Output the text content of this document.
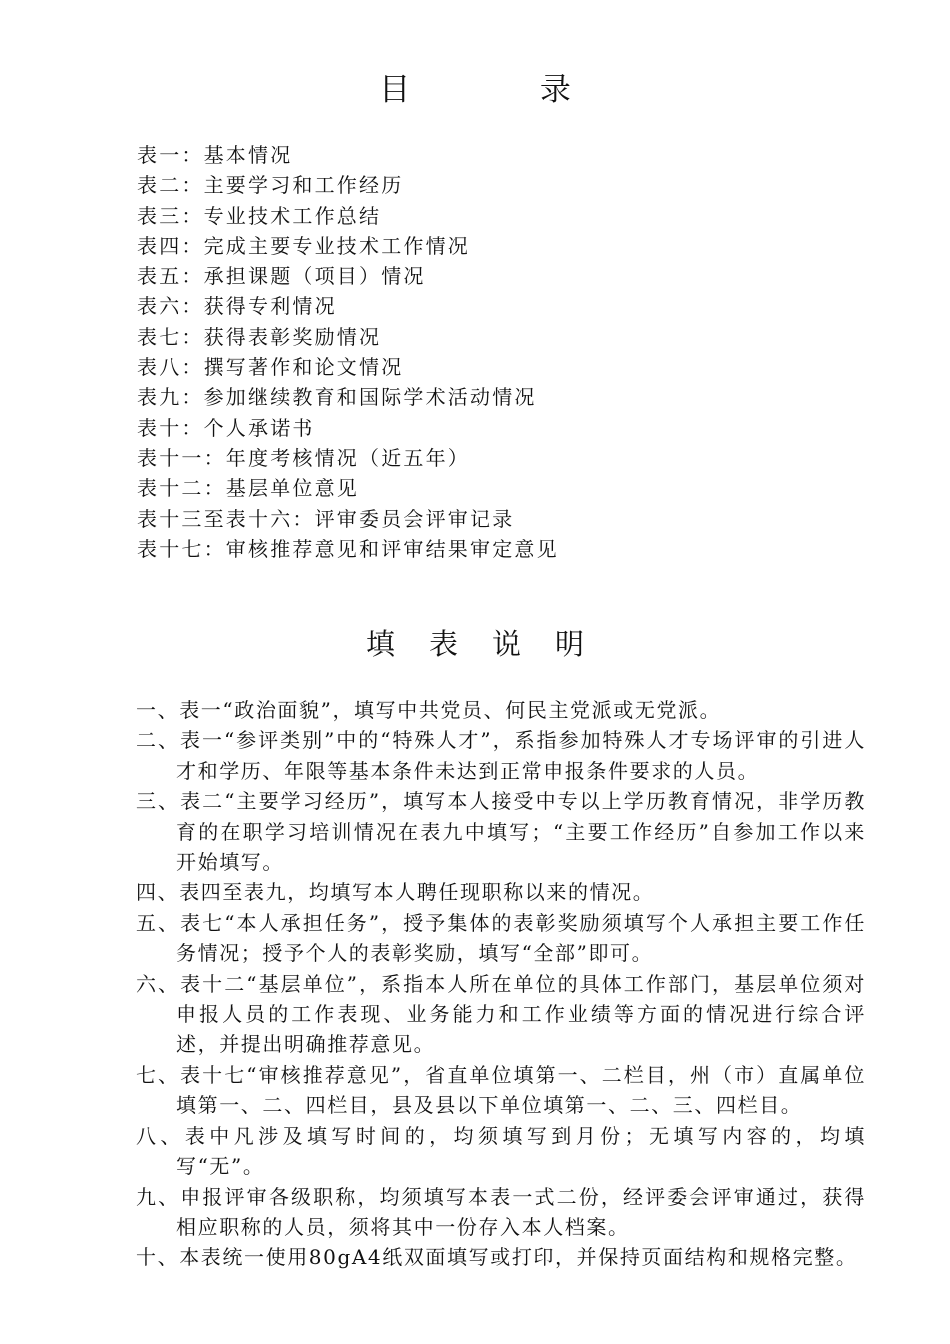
目 录
表一：基本情况
表二：主要学习和工作经历
表三：专业技术工作总结
表四：完成主要专业技术工作情况
表五：承担课题（项目）情况
表六：获得专利情况
表七：获得表彰奖励情况
表八：撰写著作和论文情况
表九：参加继续教育和国际学术活动情况
表十：个人承诺书
表十一：年度考核情况（近五年）
表十二：基层单位意见
表十三至表十六：评审委员会评审记录
表十七：审核推荐意见和评审结果审定意见
填表说明
一、表一“政治面貌”，填写中共党员、何民主党派或无党派。
二、表一“参评类别”中的“特殊人才”，系指参加特殊人才专场评审的引进人才和学历、年限等基本条件未达到正常申报条件要求的人员。
三、表二“主要学习经历”，填写本人接受中专以上学历教育情况，非学历教育的在职学习培训情况在表九中填写；“主要工作经历”自参加工作以来开始填写。
四、表四至表九，均填写本人聘任现职称以来的情况。
五、表七“本人承担任务”，授予集体的表彰奖励须填写个人承担主要工作任务情况；授予个人的表彰奖励，填写“全部”即可。
六、表十二“基层单位”，系指本人所在单位的具体工作部门，基层单位须对申报人员的工作表现、业务能力和工作业绩等方面的情况进行综合评述，并提出明确推荐意见。
七、表十七“审核推荐意见”，省直单位填第一、二栏目，州（市）直属单位填第一、二、四栏目，县及县以下单位填第一、二、三、四栏目。
八、表中凡涉及填写时间的，均须填写到月份；无填写内容的，均填写“无”。
九、申报评审各级职称，均须填写本表一式二份，经评委会评审通过，获得相应职称的人员，须将其中一份存入本人档案。
十、本表统一使用80gA4纸双面填写或打印，并保持页面结构和规格完整。
